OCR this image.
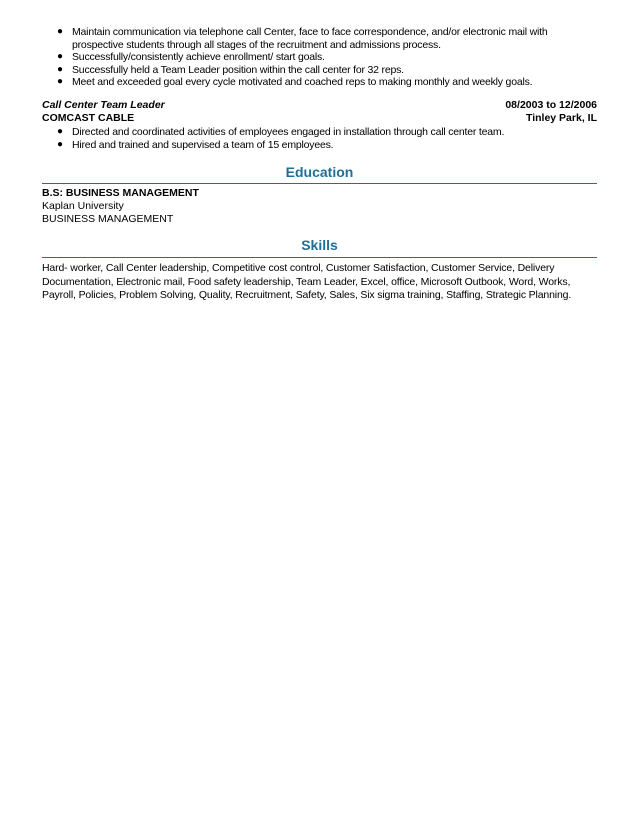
● Maintain communication via telephone call Center, face to face correspondence, and/or electronic mail with prospective students through all stages of the recruitment and admissions process.
● Successfully/consistently achieve enrollment/ start goals.
● Successfully held a Team Leader position within the call center for 32 reps.
● Meet and exceeded goal every cycle motivated and coached reps to making monthly and weekly goals.
Call Center Team Leader	08/2003 to 12/2006
COMCAST CABLE	Tinley Park, IL
● Directed and coordinated activities of employees engaged in installation through call center team.
● Hired and trained and supervised a team of 15 employees.
Education
B.S: BUSINESS MANAGEMENT
Kaplan University
BUSINESS MANAGEMENT
Skills
Hard- worker, Call Center leadership, Competitive cost control, Customer Satisfaction, Customer Service, Delivery Documentation, Electronic mail, Food safety leadership, Team Leader, Excel, office, Microsoft Outbook, Word, Works, Payroll, Policies, Problem Solving, Quality, Recruitment, Safety, Sales, Six sigma training, Staffing, Strategic Planning.
